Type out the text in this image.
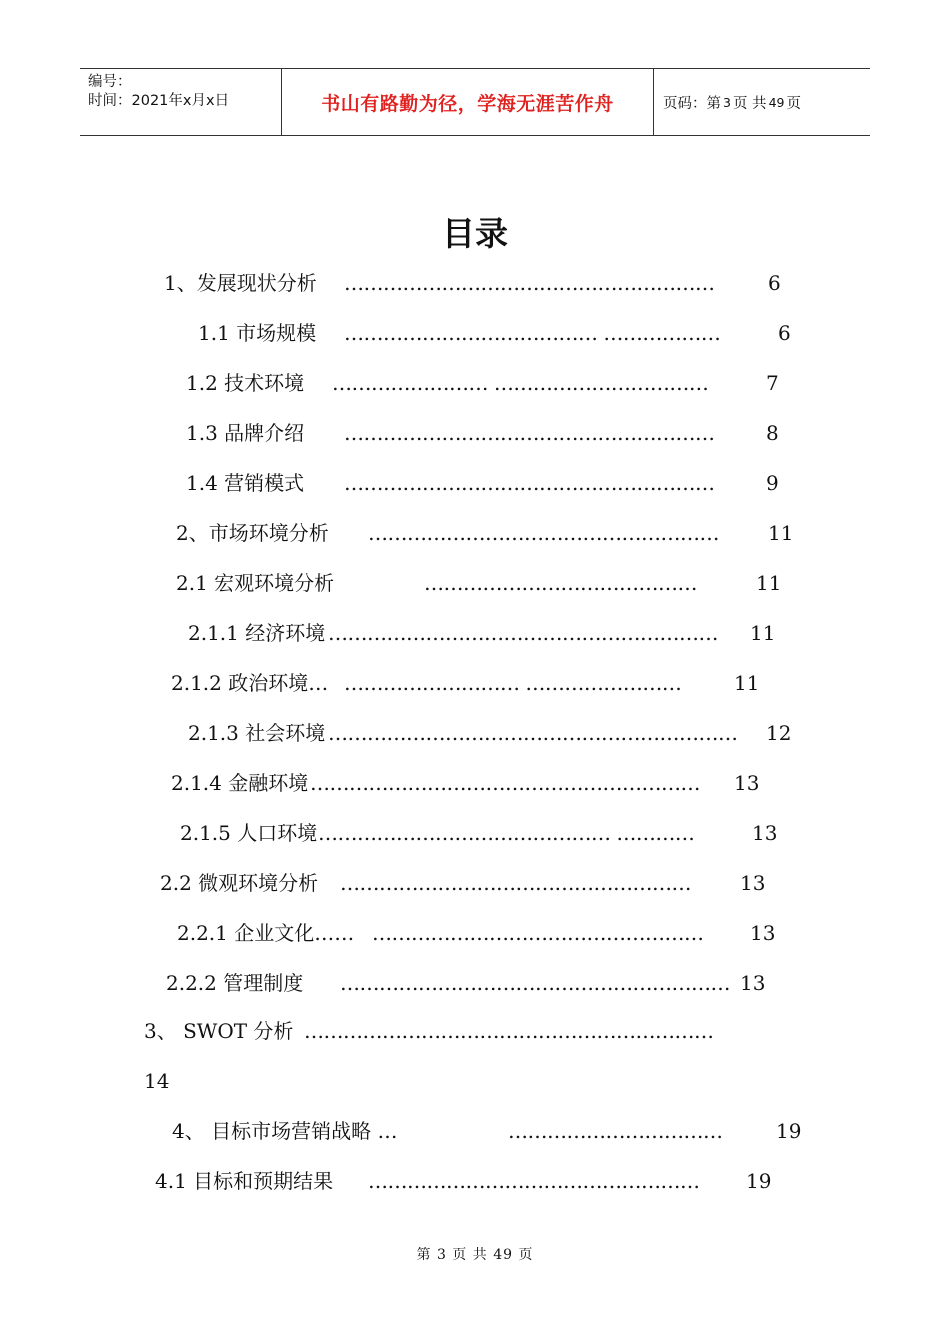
编号：
时间：2021年x月x日	书山有路勤为径，学海无涯苦作舟	页码：第 3 页 共 49 页
目录
1、发展现状分析 …………………………………………………	6
1.1 市场规模 ………………………………… ………………	6
1.2 技术环境 …………………… ……………………………	7
1.3 品牌介绍 …………………………………………………	8
1.4 营销模式 …………………………………………………	9
2、市场环境分析 ……………………………………………… 11
2.1 宏观环境分析	……………………………………	11
2.1.1 经济环境 …………………………………………………… 11
2.1.2 政治环境… ……………………… ……………………	11
2.1.3 社会环境 ……………………………………………………… 12
2.1.4 金融环境 …………………………………………………… 13
2.1.5 人口环境 ……………………………………… …………	13
2.2 微观环境分析 ……………………………………………… 13
2.2.1 企业文化…… …………………………………………… 13
2.2.2 管理制度 …………………………………………………… 13
3、 SWOT 分析 ………………………………………………………
14
4、 目标市场营销战略 …	……………………………	19
4.1 目标和预期结果 …………………………………………… 19
第 3 页 共 49 页
